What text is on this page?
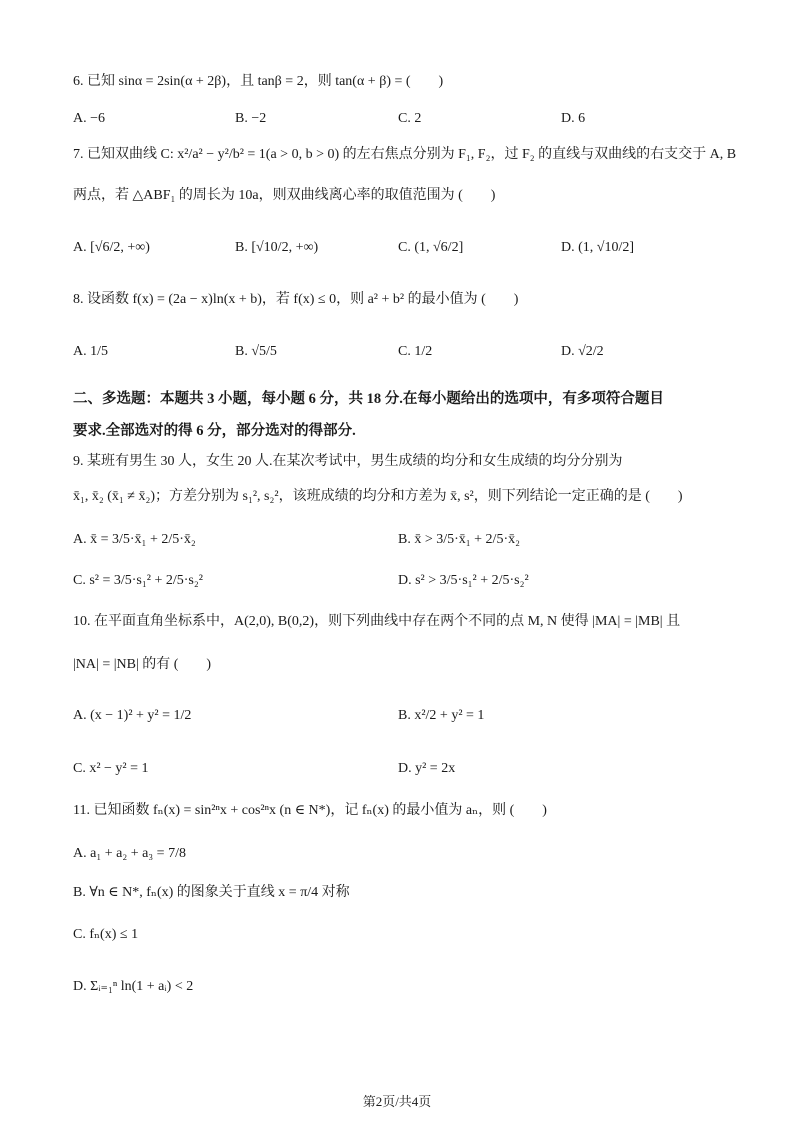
6. 已知 sinα = 2sin(α + 2β)，且 tanβ = 2，则 tan(α + β) = (　　)
A. −6	B. −2	C. 2	D. 6
7. 已知双曲线 C: x²/a² − y²/b² = 1(a > 0, b > 0) 的左右焦点分别为 F₁, F₂，过 F₂ 的直线与双曲线的右支交于 A, B
两点，若 △ABF₁ 的周长为 10a，则双曲线离心率的取值范围为 (　　)
A. [√6/2, +∞)	B. [√10/2, +∞)	C. (1, √6/2]	D. (1, √10/2]
8. 设函数 f(x) = (2a − x)ln(x + b)，若 f(x) ≤ 0，则 a² + b² 的最小值为 (　　)
A. 1/5	B. √5/5	C. 1/2	D. √2/2
二、多选题：本题共 3 小题，每小题 6 分，共 18 分.在每小题给出的选项中，有多项符合题目
要求.全部选对的得 6 分，部分选对的得部分.
9. 某班有男生 30 人，女生 20 人.在某次考试中，男生成绩的均分和女生成绩的均分分别为
x̄₁, x̄₂ (x̄₁ ≠ x̄₂)；方差分别为 s₁², s₂²，该班成绩的均分和方差为 x̄, s²，则下列结论一定正确的是 (　　)
A. x̄ = 3/5·x̄₁ + 2/5·x̄₂	B. x̄ > 3/5·x̄₁ + 2/5·x̄₂
C. s² = 3/5·s₁² + 2/5·s₂²	D. s² > 3/5·s₁² + 2/5·s₂²
10. 在平面直角坐标系中，A(2,0), B(0,2)，则下列曲线中存在两个不同的点 M, N 使得 |MA| = |MB| 且
|NA| = |NB| 的有 (　　)
A. (x − 1)² + y² = 1/2	B. x²/2 + y² = 1
C. x² − y² = 1	D. y² = 2x
11. 已知函数 fₙ(x) = sin²ⁿx + cos²ⁿx (n ∈ N*)，记 fₙ(x) 的最小值为 aₙ，则 (　　)
A. a₁ + a₂ + a₃ = 7/8
B. ∀n ∈ N*, fₙ(x) 的图象关于直线 x = π/4 对称
C. fₙ(x) ≤ 1
D. Σᵢ₌₁ⁿ ln(1 + aᵢ) < 2
第2页/共4页
